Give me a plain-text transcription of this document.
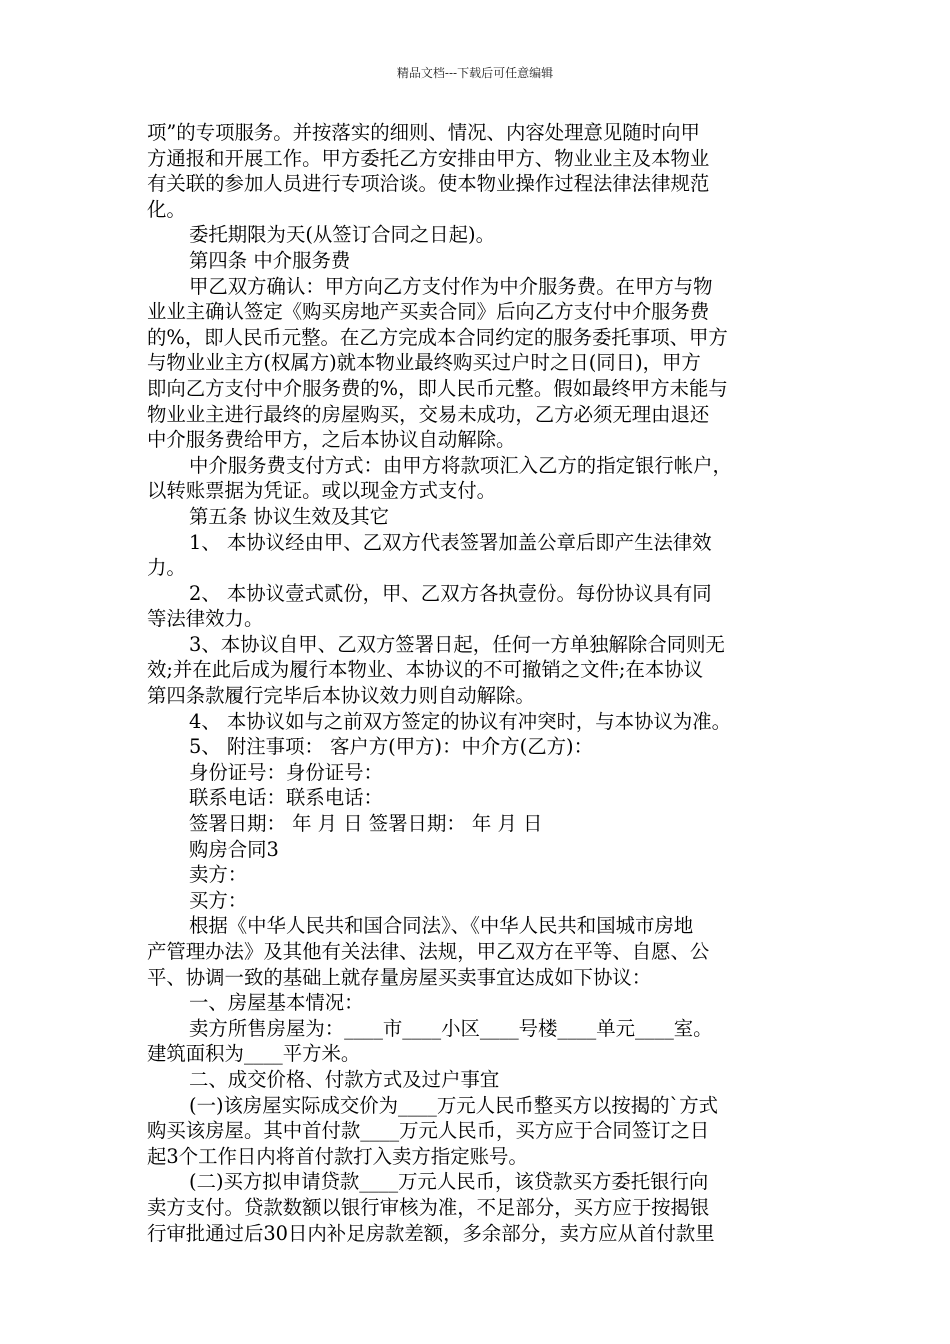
精品文档---下载后可任意编辑
项”的专项服务。并按落实的细则、情况、内容处理意见随时向甲
方通报和开展工作。甲方委托乙方安排由甲方、物业业主及本物业
有关联的参加人员进行专项洽谈。使本物业操作过程法律法律规范
化。
委托期限为天(从签订合同之日起)。
第四条 中介服务费
甲乙双方确认：甲方向乙方支付作为中介服务费。在甲方与物
业业主确认签定《购买房地产买卖合同》后向乙方支付中介服务费
的%，即人民币元整。在乙方完成本合同约定的服务委托事项、甲方
与物业业主方(权属方)就本物业最终购买过户时之日(同日)，甲方
即向乙方支付中介服务费的%，即人民币元整。假如最终甲方未能与
物业业主进行最终的房屋购买，交易未成功，乙方必须无理由退还
中介服务费给甲方，之后本协议自动解除。
中介服务费支付方式：由甲方将款项汇入乙方的指定银行帐户，
以转账票据为凭证。或以现金方式支付。
第五条 协议生效及其它
1、 本协议经由甲、乙双方代表签署加盖公章后即产生法律效
力。
2、 本协议壹式贰份，甲、乙双方各执壹份。每份协议具有同
等法律效力。
3、本协议自甲、乙双方签署日起，任何一方单独解除合同则无
效;并在此后成为履行本物业、本协议的不可撤销之文件;在本协议
第四条款履行完毕后本协议效力则自动解除。
4、 本协议如与之前双方签定的协议有冲突时，与本协议为准。
5、 附注事项： 客户方(甲方)：中介方(乙方)：
身份证号：身份证号：
联系电话：联系电话：
签署日期： 年 月 日 签署日期： 年 月 日
购房合同3
卖方：
买方：
根据《中华人民共和国合同法》、《中华人民共和国城市房地
产管理办法》及其他有关法律、法规，甲乙双方在平等、自愿、公
平、协调一致的基础上就存量房屋买卖事宜达成如下协议：
一、房屋基本情况：
卖方所售房屋为：____市____小区____号楼____单元____室。
建筑面积为____平方米。
二、成交价格、付款方式及过户事宜
(一)该房屋实际成交价为____万元人民币整买方以按揭的`方式
购买该房屋。其中首付款____万元人民币，买方应于合同签订之日
起3个工作日内将首付款打入卖方指定账号。
(二)买方拟申请贷款____万元人民币，该贷款买方委托银行向
卖方支付。贷款数额以银行审核为准，不足部分，买方应于按揭银
行审批通过后30日内补足房款差额，多余部分，卖方应从首付款里
